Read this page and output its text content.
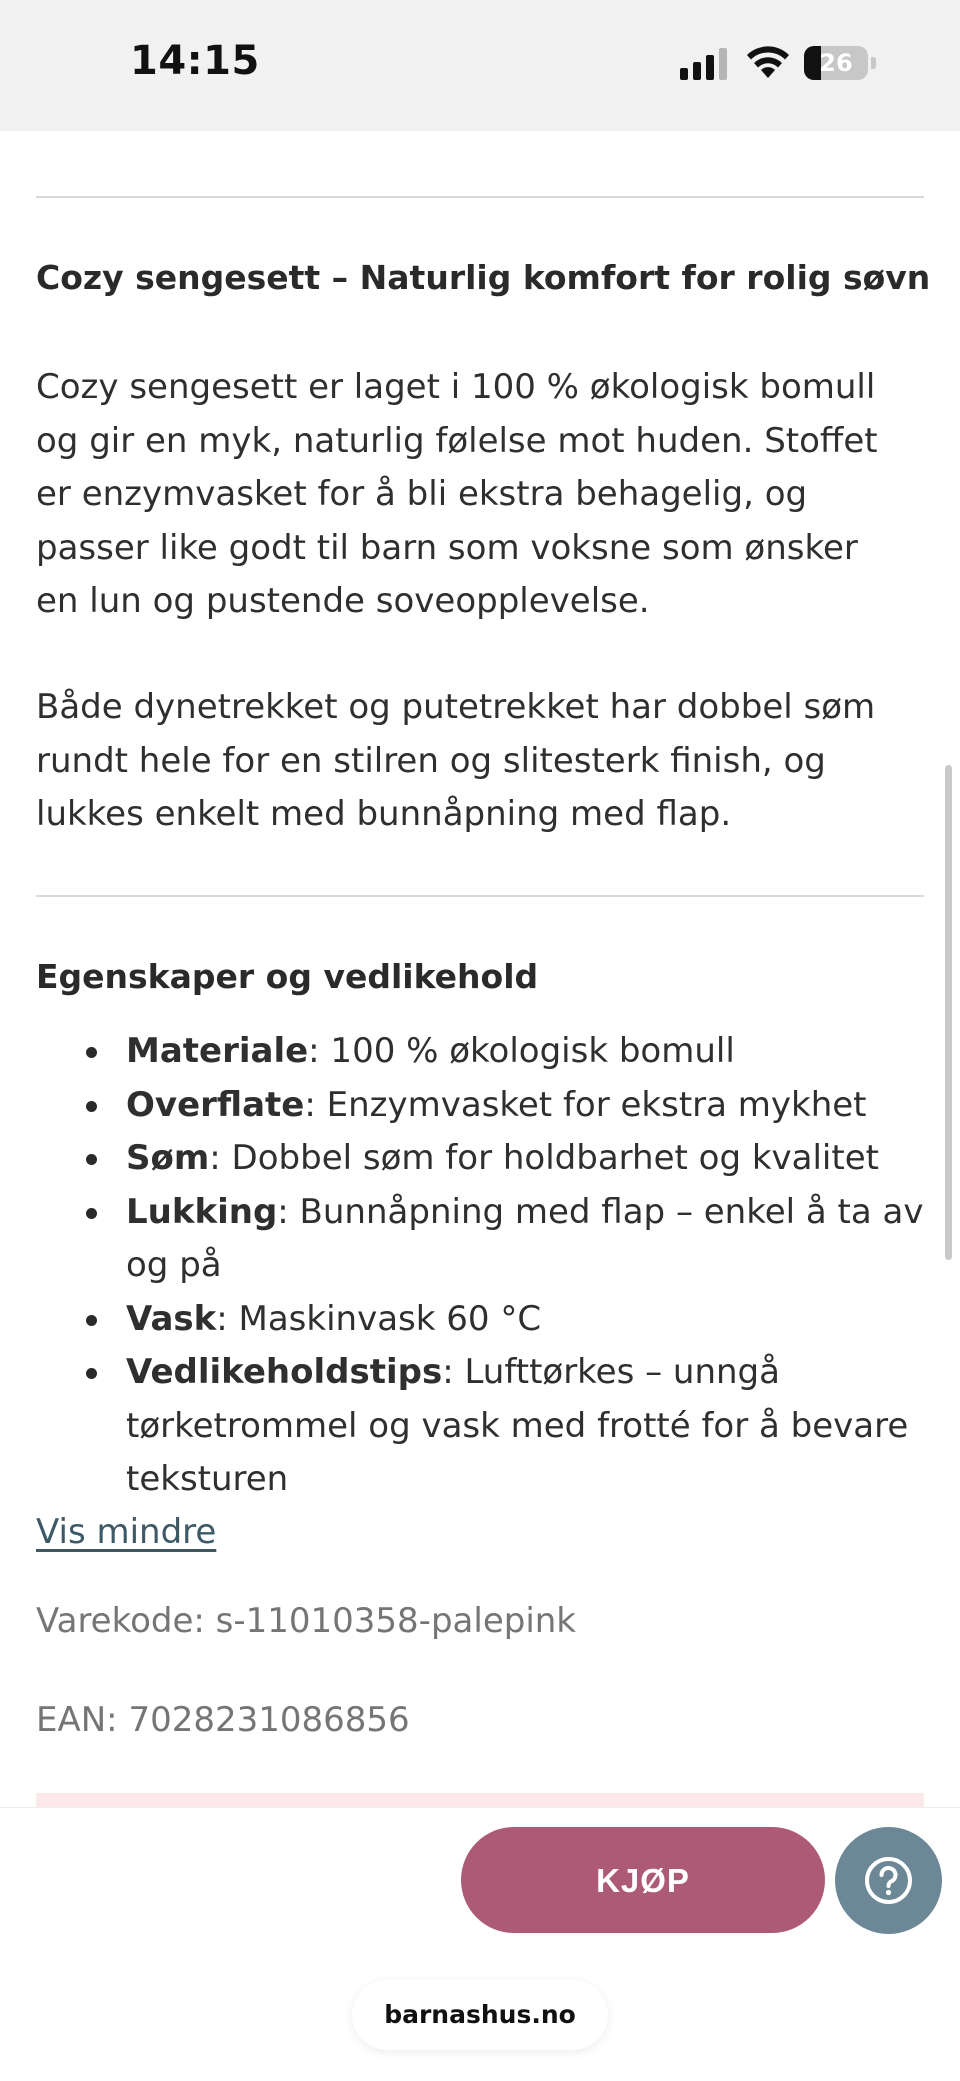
14:15	26
Cozy sengesett – Naturlig komfort for rolig søvn
Cozy sengesett er laget i 100 % økologisk bomull
og gir en myk, naturlig følelse mot huden. Stoffet
er enzymvasket for å bli ekstra behagelig, og
passer like godt til barn som voksne som ønsker
en lun og pustende soveopplevelse.
Både dynetrekket og putetrekket har dobbel søm
rundt hele for en stilren og slitesterk finish, og
lukkes enkelt med bunnåpning med flap.
Egenskaper og vedlikehold
Materiale: 100 % økologisk bomull
Overflate: Enzymvasket for ekstra mykhet
Søm: Dobbel søm for holdbarhet og kvalitet
Lukking: Bunnåpning med flap – enkel å ta av og på
Vask: Maskinvask 60 °C
Vedlikeholdstips: Lufttørkes – unngå tørketrommel og vask med frotté for å bevare teksturen
Vis mindre
Varekode: s-11010358-palepink
EAN: 7028231086856
KJØP
barnashus.no
